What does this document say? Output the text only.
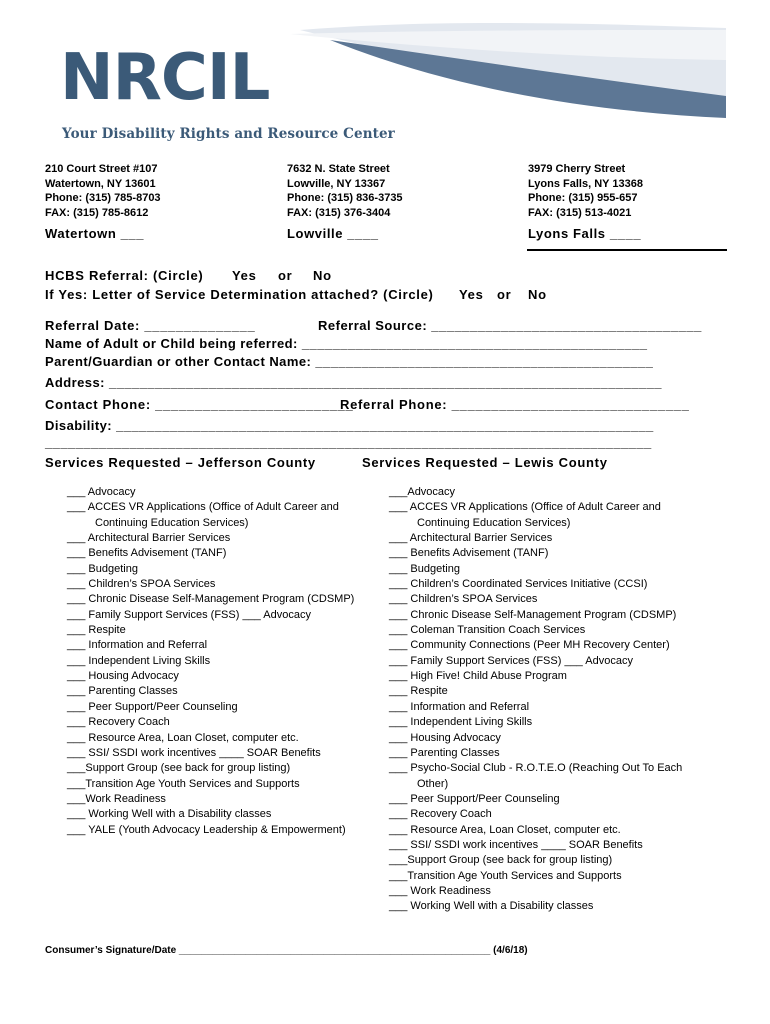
NRCIL
Your Disability Rights and Resource Center
210 Court Street #107
Watertown, NY 13601
Phone: (315) 785-8703
FAX: (315) 785-8612
Watertown ___
7632 N. State Street
Lowville, NY 13367
Phone: (315) 836-3735
FAX: (315) 376-3404
Lowville ____
3979 Cherry Street
Lyons Falls, NY 13368
Phone: (315) 955-657
FAX: (315) 513-4021
Lyons Falls ____
HCBS Referral: (Circle) Yes or No
If Yes: Letter of Service Determination attached? (Circle) Yes or No
Referral Date: ______________	Referral Source: ___________________________________
Name of Adult or Child being referred: _____________________________________________
Parent/Guardian or other Contact Name: ____________________________________________
Address: ________________________________________________________________________
Contact Phone: _________________________
Referral Phone: ______________________________
Disability: ______________________________________________________________________
_______________________________________________________________________________
Services Requested – Jefferson County	Services Requested – Lewis County
___ Advocacy
___ ACCES VR Applications (Office of Adult Career and
Continuing Education Services)
___ Architectural Barrier Services
___ Benefits Advisement (TANF)
___ Budgeting
___ Children’s SPOA Services
___ Chronic Disease Self-Management Program (CDSMP)
___ Family Support Services (FSS) ___ Advocacy
___ Respite
___ Information and Referral
___ Independent Living Skills
___ Housing Advocacy
___ Parenting Classes
___ Peer Support/Peer Counseling
___ Recovery Coach
___ Resource Area, Loan Closet, computer etc.
___ SSI/ SSDI work incentives ____ SOAR Benefits
___Support Group (see back for group listing)
___Transition Age Youth Services and Supports
___Work Readiness
___ Working Well with a Disability classes
___ YALE (Youth Advocacy Leadership & Empowerment)
___Advocacy
___ ACCES VR Applications (Office of Adult Career and
Continuing Education Services)
___ Architectural Barrier Services
___ Benefits Advisement (TANF)
___ Budgeting
___ Children’s Coordinated Services Initiative (CCSI)
___ Children’s SPOA Services
___ Chronic Disease Self-Management Program (CDSMP)
___ Coleman Transition Coach Services
___ Community Connections (Peer MH Recovery Center)
___ Family Support Services (FSS) ___ Advocacy
___ High Five! Child Abuse Program
___ Respite
___ Information and Referral
___ Independent Living Skills
___ Housing Advocacy
___ Parenting Classes
___ Psycho-Social Club - R.O.T.E.O (Reaching Out To Each
Other)
___ Peer Support/Peer Counseling
___ Recovery Coach
___ Resource Area, Loan Closet, computer etc.
___ SSI/ SSDI work incentives ____ SOAR Benefits
___Support Group (see back for group listing)
___Transition Age Youth Services and Supports
___ Work Readiness
___ Working Well with a Disability classes
Consumer’s Signature/Date ________________________________________________________ (4/6/18)
